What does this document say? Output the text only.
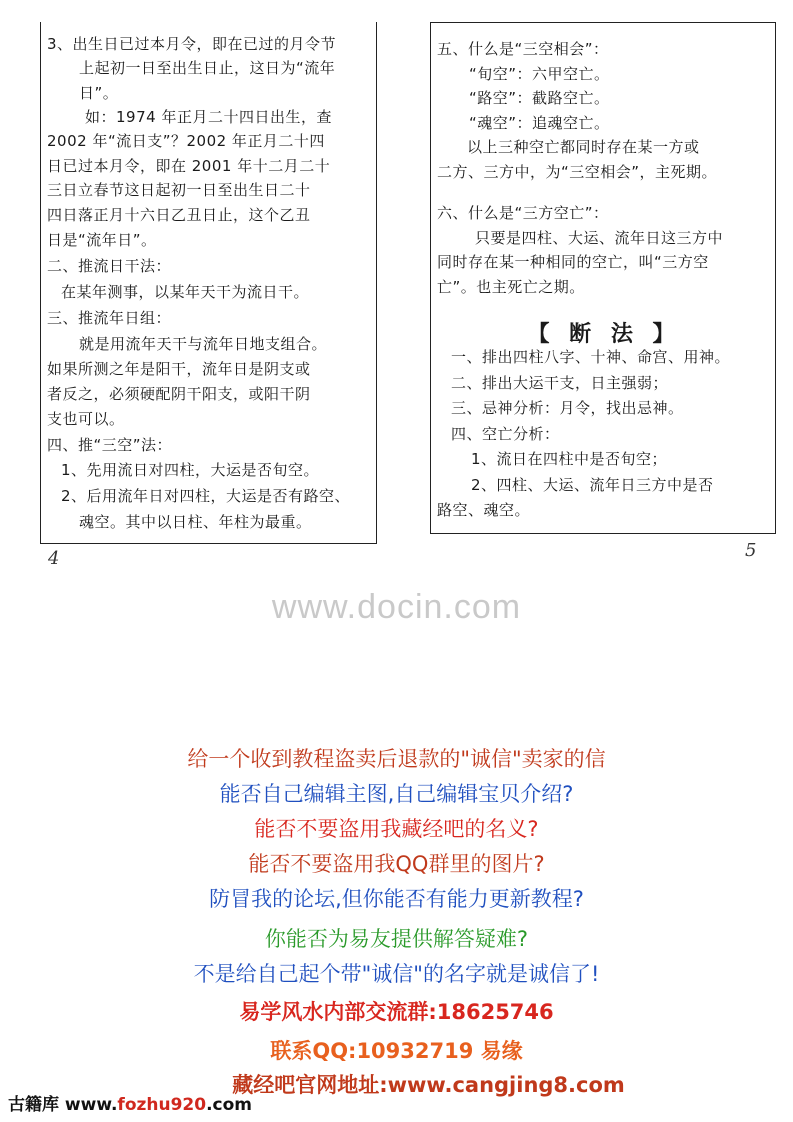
3、出生日已过本月令，即在已过的月令节
上起初一日至出生日止，这日为“流年
日”。
如：1974 年正月二十四日出生，查
2002 年“流日支”？2002 年正月二十四
日已过本月令，即在 2001 年十二月二十
三日立春节这日起初一日至出生日二十
四日落正月十六日乙丑日止，这个乙丑
日是“流年日”。
二、推流日干法：
在某年测事，以某年天干为流日干。
三、推流年日组：
就是用流年天干与流年日地支组合。
如果所测之年是阳干，流年日是阴支或
者反之，必须硬配阴干阳支，或阳干阴
支也可以。
四、推“三空”法：
1、先用流日对四柱，大运是否旬空。
2、后用流年日对四柱，大运是否有路空、
魂空。其中以日柱、年柱为最重。
五、什么是“三空相会”：
“旬空”：六甲空亡。
“路空”：截路空亡。
“魂空”：追魂空亡。
以上三种空亡都同时存在某一方或
二方、三方中，为“三空相会”，主死期。
六、什么是“三方空亡”：
只要是四柱、大运、流年日这三方中
同时存在某一种相同的空亡，叫“三方空
亡”。也主死亡之期。
【 断 法 】
一、排出四柱八字、十神、命宫、用神。
二、排出大运干支，日主强弱；
三、忌神分析：月令，找出忌神。
四、空亡分析：
1、流日在四柱中是否旬空；
2、四柱、大运、流年日三方中是否
路空、魂空。
4	5
www.docin.com
给一个收到教程盗卖后退款的"诚信"卖家的信
能否自己编辑主图,自己编辑宝贝介绍?
能否不要盗用我藏经吧的名义?
能否不要盗用我QQ群里的图片?
防冒我的论坛,但你能否有能力更新教程?
你能否为易友提供解答疑难?
不是给自己起个带"诚信"的名字就是诚信了!
易学风水内部交流群:18625746
联系QQ:10932719 易缘
藏经吧官网地址:www.cangjing8.com
古籍库 www.fozhu920.com
